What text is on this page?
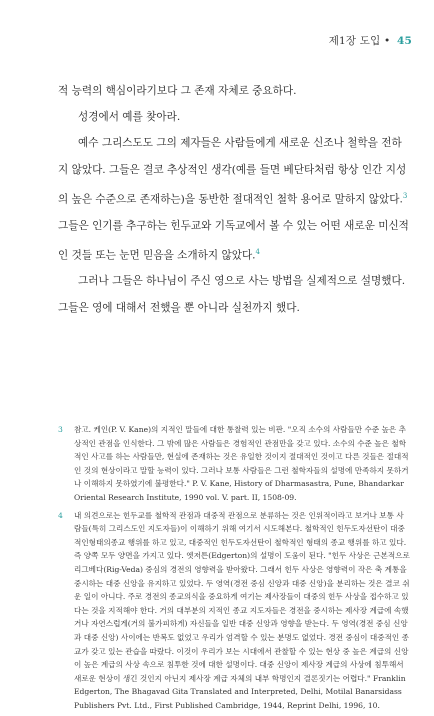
제1장 도입 • 45

적 능력의 핵심이라기보다 그 존재 자체로 중요하다.

성경에서 예를 찾아라.

예수 그리스도도 그의 제자들은 사람들에게 새로운 신조나 철학을 전하지 않았다. 그들은 결코 추상적인 생각(예를 들면 베단타처럼 항상 인간 지성의 높은 수준으로 존재하는)을 동반한 절대적인 철학 용어로 말하지 않았다.$^3$ 그들은 인기를 추구하는 힌두교와 기독교에서 볼 수 있는 어떤 새로운 미신적인 것들 또는 눈먼 믿음을 소개하지 않았다.$^4$

그러나 그들은 하나님이 주신 영으로 사는 방법을 실제적으로 설명했다. 그들은 영에 대해서 전했을 뿐 아니라 실천까지 했다.

3 참고. 케인(P. V. Kane)의 지적인 말들에 대한 통찰력 있는 비판. "오직 소수의 사람들만 수준 높은 추상적인 관점을 인식한다. 그 밖에 많은 사람들은 경험적인 관점만을 갖고 있다. 소수의 수준 높은 철학적인 사고를 하는 사람들만, 현실에 존재하는 것은 유일한 것이지 절대적인 것이고 다른 것들은 절대적인 것의 현상이라고 말할 능력이 있다. 그러나 보통 사람들은 그런 철학자들의 설명에 만족하지 못하거나 이해하지 못하였기에 불평한다." P. V. Kane, History of Dharmasastra, Pune, Bhandarkar Oriental Research Institute, 1990 vol. V. part. II, 1508-09.
4 내 의견으로는 힌두교를 철학적 관점과 대중적 관점으로 분류하는 것은 인위적이라고 보거나 보통 사람들(특히 그리스도인 지도자들)이 이해하기 위해 여기서 시도해본다. 철학적인 힌두도자선탄이 대중적인형태의종교 행위를 하고 있고, 대중적인 힌두도자선탄이 철학적인 형태의 종교 행위를 하고 있다. 즉 양쪽 모두 양면을 가지고 있다. 엣저튼(Edgerton)의 설명이 도움이 된다. "힌두 사상은 근본적으로 리그베다(Rig-Veda) 중심의 경전의 영향력을 받아왔다. 그래서 힌두 사상은 영향력이 작은 축 계통을 중시하는 대중 신앙을 유지하고 있었다. 두 영역(경전 중심 신앙과 대중 신앙)을 분리하는 것은 결코 쉬운 일이 아니다. 주로 경전의 종교의식을 중요하게 여기는 제사장들이 대중의 힌두 사상을 접수하고 있다는 것을 지적해야 한다. 거의 대부분의 지적인 종교 지도자들은 경전을 중시하는 제사장 계급에 속했거나 자연스럽게(거의 불가피하게) 자신들을 일반 대중 신앙과 영향을 받는다. 두 영역(경전 중심 신앙과 대중 신앙) 사이에는 반복도 없었고 우리가 엄격할 수 있는 분명도 없었다. 경전 중심이 대중적인 종교가 갖고 있는 관습을 따랐다. 이것이 우리가 보는 시대에서 관찰할 수 있는 현상 중 높은 계급의 신앙이 높은 계급의 사상 속으로 침투한 것에 대한 설명이다. 대중 신앙이 제사장 계급의 사상에 침투해서 새로운 현상이 생긴 것인지 아닌지 제사장 계급 자체의 내부 학명인지 결론짓기는 어렵다." Franklin Edgerton, The Bhagavad Gita Translated and Interpreted, Delhi, Motilal Banarsidass Publishers Pvt. Ltd., First Published Cambridge, 1944, Reprint Delhi, 1996, 10.
